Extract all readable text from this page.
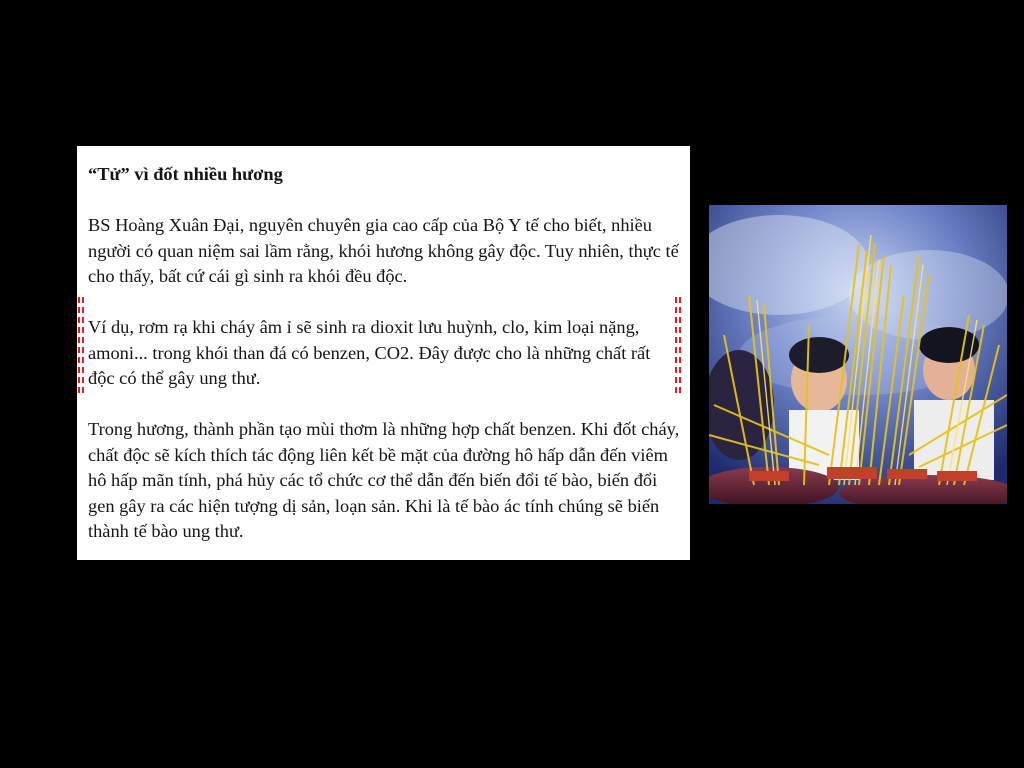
“Tử” vì đốt nhiều hương
BS Hoàng Xuân Đại, nguyên chuyên gia cao cấp của Bộ Y tế cho biết, nhiều người có quan niệm sai lầm rằng, khói hương không gây độc. Tuy nhiên, thực tế cho thấy, bất cứ cái gì sinh ra khói đều độc.
Ví dụ, rơm rạ khi cháy âm ỉ sẽ sinh ra dioxit lưu huỳnh, clo, kim loại nặng, amoni... trong khói than đá có benzen, CO2. Đây được cho là những chất rất độc có thể gây ung thư.
Trong hương, thành phần tạo mùi thơm là những hợp chất benzen. Khi đốt cháy, chất độc sẽ kích thích tác động liên kết bề mặt của đường hô hấp dẫn đến viêm hô hấp mãn tính, phá hủy các tổ chức cơ thể dẫn đến biến đổi tế bào, biến đổi gen gây ra các hiện tượng dị sản, loạn sản. Khi là tế bào ác tính chúng sẽ biến thành tế bào ung thư.
